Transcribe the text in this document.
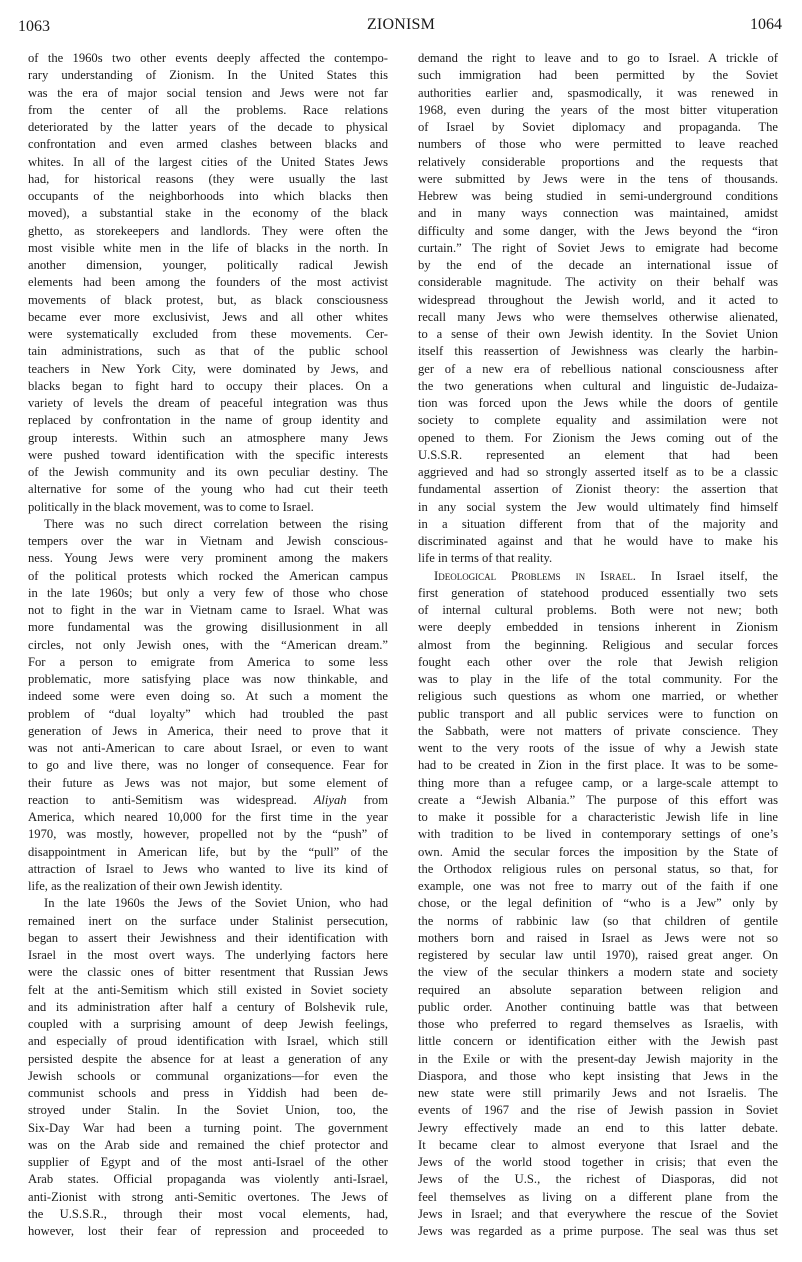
1063	ZIONISM	1064
of the 1960s two other events deeply affected the contempo-
rary understanding of Zionism. In the United States this
was the era of major social tension and Jews were not far
from the center of all the problems. Race relations
deteriorated by the latter years of the decade to physical
confrontation and even armed clashes between blacks and
whites. In all of the largest cities of the United States Jews
had, for historical reasons (they were usually the last
occupants of the neighborhoods into which blacks then
moved), a substantial stake in the economy of the black
ghetto, as storekeepers and landlords. They were often the
most visible white men in the life of blacks in the north. In
another dimension, younger, politically radical Jewish
elements had been among the founders of the most activist
movements of black protest, but, as black consciousness
became ever more exclusivist, Jews and all other whites
were systematically excluded from these movements. Cer-
tain administrations, such as that of the public school
teachers in New York City, were dominated by Jews, and
blacks began to fight hard to occupy their places. On a
variety of levels the dream of peaceful integration was thus
replaced by confrontation in the name of group identity and
group interests. Within such an atmosphere many Jews
were pushed toward identification with the specific interests
of the Jewish community and its own peculiar destiny. The
alternative for some of the young who had cut their teeth
politically in the black movement, was to come to Israel.
There was no such direct correlation between the rising
tempers over the war in Vietnam and Jewish conscious-
ness. Young Jews were very prominent among the makers
of the political protests which rocked the American campus
in the late 1960s; but only a very few of those who chose
not to fight in the war in Vietnam came to Israel. What was
more fundamental was the growing disillusionment in all
circles, not only Jewish ones, with the “American dream.”
For a person to emigrate from America to some less
problematic, more satisfying place was now thinkable, and
indeed some were even doing so. At such a moment the
problem of “dual loyalty” which had troubled the past
generation of Jews in America, their need to prove that it
was not anti-American to care about Israel, or even to want
to go and live there, was no longer of consequence. Fear for
their future as Jews was not major, but some element of
reaction to anti-Semitism was widespread. Aliyah from
America, which neared 10,000 for the first time in the year
1970, was mostly, however, propelled not by the “push” of
disappointment in American life, but by the “pull” of the
attraction of Israel to Jews who wanted to live its kind of
life, as the realization of their own Jewish identity.
In the late 1960s the Jews of the Soviet Union, who had
remained inert on the surface under Stalinist persecution,
began to assert their Jewishness and their identification with
Israel in the most overt ways. The underlying factors here
were the classic ones of bitter resentment that Russian Jews
felt at the anti-Semitism which still existed in Soviet society
and its administration after half a century of Bolshevik rule,
coupled with a surprising amount of deep Jewish feelings,
and especially of proud identification with Israel, which still
persisted despite the absence for at least a generation of any
Jewish schools or communal organizations—for even the
communist schools and press in Yiddish had been de-
stroyed under Stalin. In the Soviet Union, too, the
Six-Day War had been a turning point. The government
was on the Arab side and remained the chief protector and
supplier of Egypt and of the most anti-Israel of the other
Arab states. Official propaganda was violently anti-Israel,
anti-Zionist with strong anti-Semitic overtones. The Jews of
the U.S.S.R., through their most vocal elements, had,
however, lost their fear of repression and proceeded to
demand the right to leave and to go to Israel. A trickle of
such immigration had been permitted by the Soviet
authorities earlier and, spasmodically, it was renewed in
1968, even during the years of the most bitter vituperation
of Israel by Soviet diplomacy and propaganda. The
numbers of those who were permitted to leave reached
relatively considerable proportions and the requests that
were submitted by Jews were in the tens of thousands.
Hebrew was being studied in semi-underground conditions
and in many ways connection was maintained, amidst
difficulty and some danger, with the Jews beyond the “iron
curtain.” The right of Soviet Jews to emigrate had become
by the end of the decade an international issue of
considerable magnitude. The activity on their behalf was
widespread throughout the Jewish world, and it acted to
recall many Jews who were themselves otherwise alienated,
to a sense of their own Jewish identity. In the Soviet Union
itself this reassertion of Jewishness was clearly the harbin-
ger of a new era of rebellious national consciousness after
the two generations when cultural and linguistic de-Judaiza-
tion was forced upon the Jews while the doors of gentile
society to complete equality and assimilation were not
opened to them. For Zionism the Jews coming out of the
U.S.S.R. represented an element that had been
aggrieved and had so strongly asserted itself as to be a classic
fundamental assertion of Zionist theory: the assertion that
in any social system the Jew would ultimately find himself
in a situation different from that of the majority and
discriminated against and that he would have to make his
life in terms of that reality.
Ideological Problems in Israel. In Israel itself, the
first generation of statehood produced essentially two sets
of internal cultural problems. Both were not new; both
were deeply embedded in tensions inherent in Zionism
almost from the beginning. Religious and secular forces
fought each other over the role that Jewish religion
was to play in the life of the total community. For the
religious such questions as whom one married, or whether
public transport and all public services were to function on
the Sabbath, were not matters of private conscience. They
went to the very roots of the issue of why a Jewish state
had to be created in Zion in the first place. It was to be some-
thing more than a refugee camp, or a large-scale attempt to
create a “Jewish Albania.” The purpose of this effort was
to make it possible for a characteristic Jewish life in line
with tradition to be lived in contemporary settings of one’s
own. Amid the secular forces the imposition by the State of
the Orthodox religious rules on personal status, so that, for
example, one was not free to marry out of the faith if one
chose, or the legal definition of “who is a Jew” only by
the norms of rabbinic law (so that children of gentile
mothers born and raised in Israel as Jews were not so
registered by secular law until 1970), raised great anger. On
the view of the secular thinkers a modern state and society
required an absolute separation between religion and
public order. Another continuing battle was that between
those who preferred to regard themselves as Israelis, with
little concern or identification either with the Jewish past
in the Exile or with the present-day Jewish majority in the
Diaspora, and those who kept insisting that Jews in the
new state were still primarily Jews and not Israelis. The
events of 1967 and the rise of Jewish passion in Soviet
Jewry effectively made an end to this latter debate.
It became clear to almost everyone that Israel and the
Jews of the world stood together in crisis; that even the
Jews of the U.S., the richest of Diasporas, did not
feel themselves as living on a different plane from the
Jews in Israel; and that everywhere the rescue of the Soviet
Jews was regarded as a prime purpose. The seal was thus set
